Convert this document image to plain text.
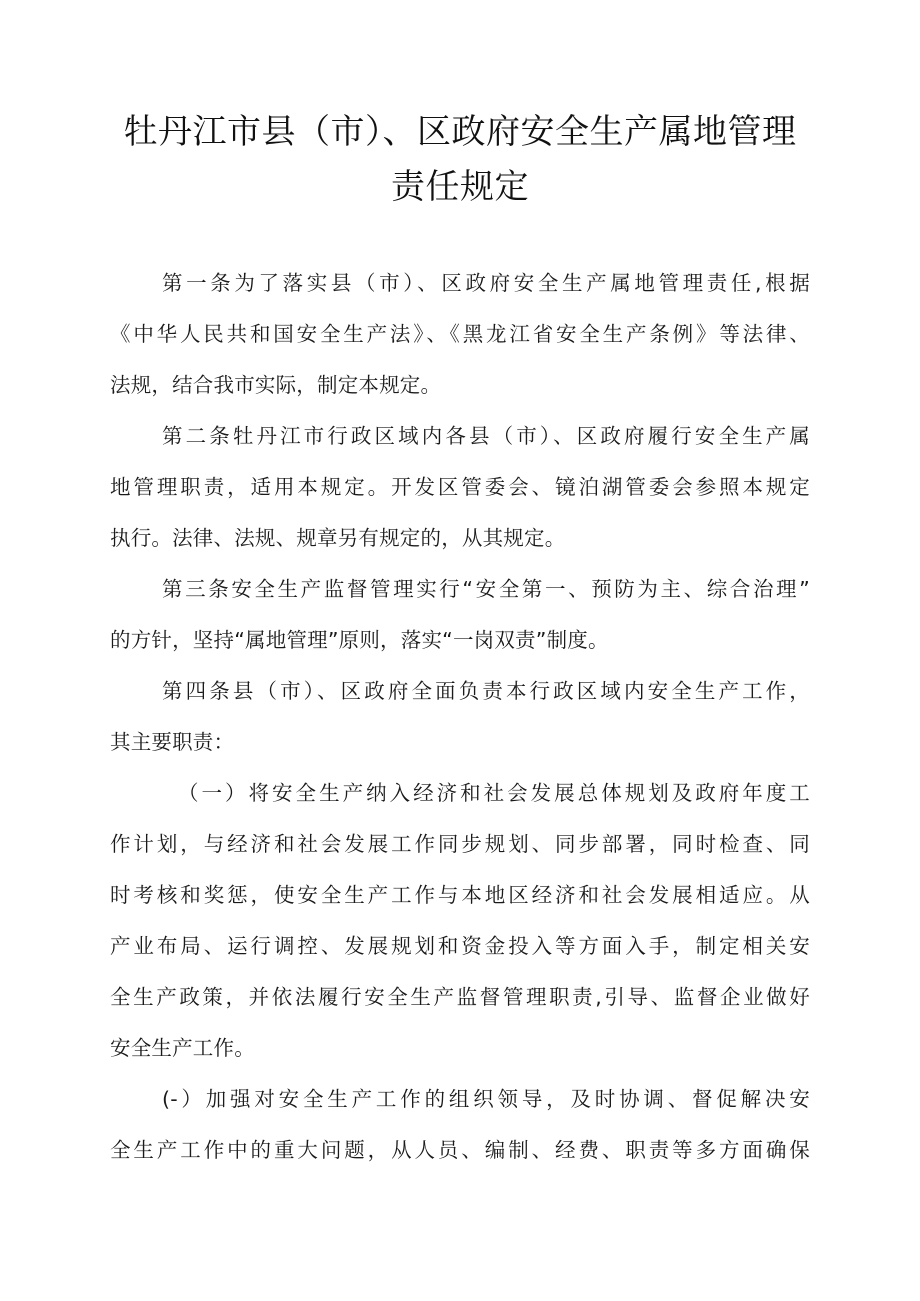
牡丹江市县（市）、区政府安全生产属地管理
责任规定
第一条为了落实县（市）、区政府安全生产属地管理责任,根据
《中华人民共和国安全生产法》、《黑龙江省安全生产条例》等法律、
法规，结合我市实际，制定本规定。
第二条牡丹江市行政区域内各县（市）、区政府履行安全生产属
地管理职责，适用本规定。开发区管委会、镜泊湖管委会参照本规定
执行。法律、法规、规章另有规定的，从其规定。
第三条安全生产监督管理实行“安全第一、预防为主、综合治理”
的方针，坚持“属地管理”原则，落实“一岗双责”制度。
第四条县（市）、区政府全面负责本行政区域内安全生产工作，
其主要职责：
（一）将安全生产纳入经济和社会发展总体规划及政府年度工
作计划，与经济和社会发展工作同步规划、同步部署，同时检查、同
时考核和奖惩，使安全生产工作与本地区经济和社会发展相适应。从
产业布局、运行调控、发展规划和资金投入等方面入手，制定相关安
全生产政策，并依法履行安全生产监督管理职责,引导、监督企业做好
安全生产工作。
(-）加强对安全生产工作的组织领导，及时协调、督促解决安
全生产工作中的重大问题，从人员、编制、经费、职责等多方面确保
